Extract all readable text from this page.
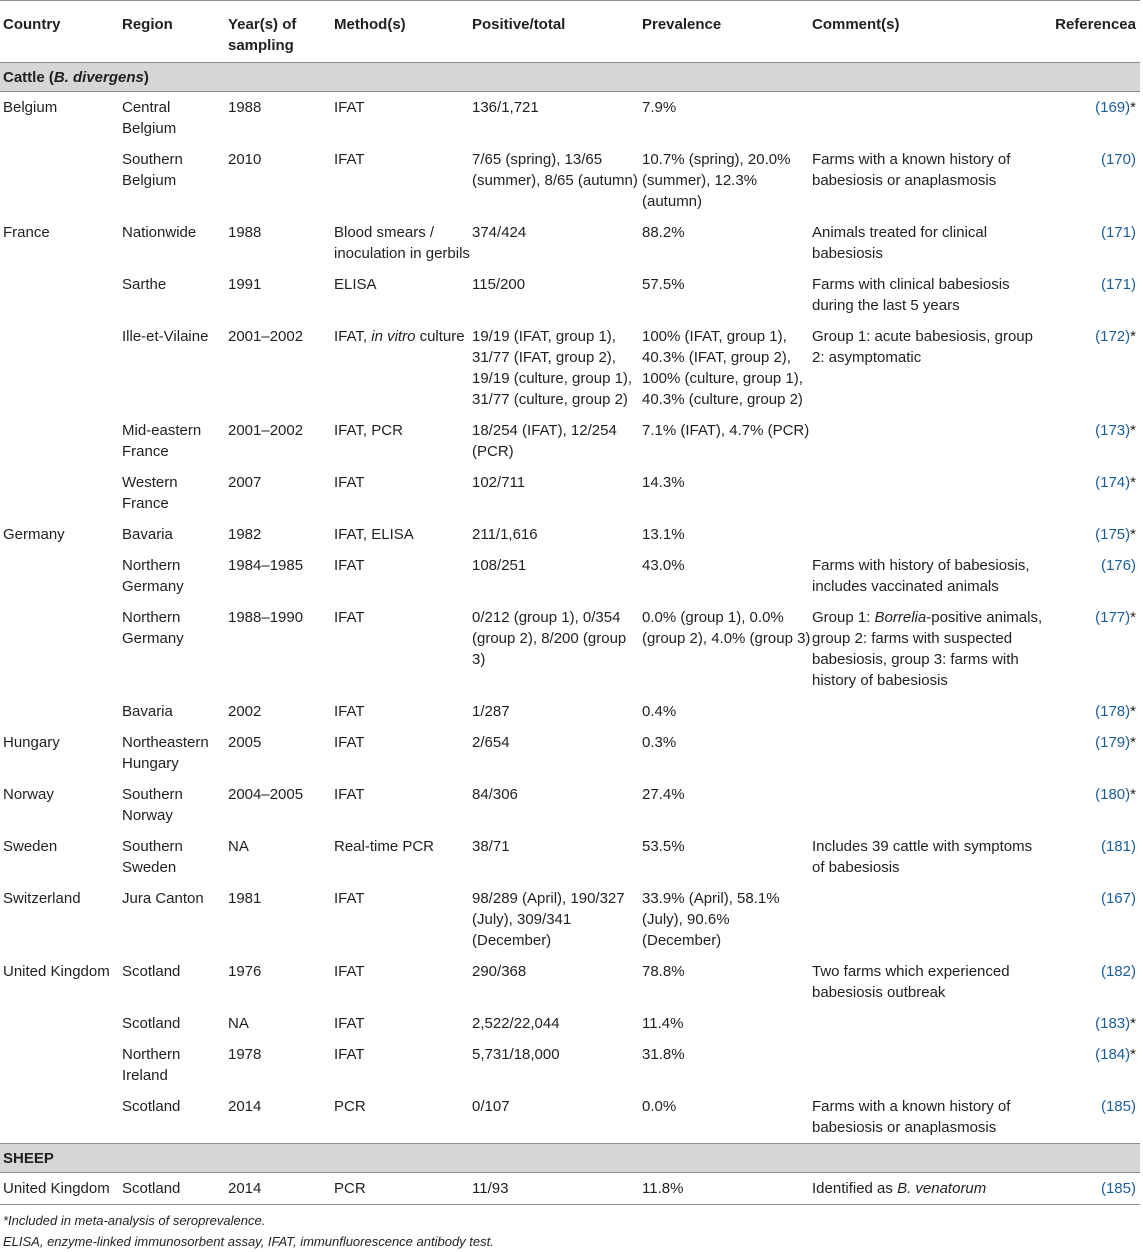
Country	Region	Year(s) of sampling	Method(s)	Positive/total	Prevalence	Comment(s)	Referencea
Cattle (B. divergens)							
Belgium	Central Belgium	1988	IFAT	136/1,721	7.9%		(169)*
	Southern Belgium	2010	IFAT	7/65 (spring), 13/65 (summer), 8/65 (autumn)	10.7% (spring), 20.0% (summer), 12.3% (autumn)	Farms with a known history of babesiosis or anaplasmosis	(170)
France	Nationwide	1988	Blood smears / inoculation in gerbils	374/424	88.2%	Animals treated for clinical babesiosis	(171)
	Sarthe	1991	ELISA	115/200	57.5%	Farms with clinical babesiosis during the last 5 years	(171)
	Ille-et-Vilaine	2001–2002	IFAT, in vitro culture	19/19 (IFAT, group 1), 31/77 (IFAT, group 2), 19/19 (culture, group 1), 31/77 (culture, group 2)	100% (IFAT, group 1), 40.3% (IFAT, group 2), 100% (culture, group 1), 40.3% (culture, group 2)	Group 1: acute babesiosis, group 2: asymptomatic	(172)*
	Mid-eastern France	2001–2002	IFAT, PCR	18/254 (IFAT), 12/254 (PCR)	7.1% (IFAT), 4.7% (PCR)		(173)*
	Western France	2007	IFAT	102/711	14.3%		(174)*
Germany	Bavaria	1982	IFAT, ELISA	211/1,616	13.1%		(175)*
	Northern Germany	1984–1985	IFAT	108/251	43.0%	Farms with history of babesiosis, includes vaccinated animals	(176)
	Northern Germany	1988–1990	IFAT	0/212 (group 1), 0/354 (group 2), 8/200 (group 3)	0.0% (group 1), 0.0% (group 2), 4.0% (group 3)	Group 1: Borrelia-positive animals, group 2: farms with suspected babesiosis, group 3: farms with history of babesiosis	(177)*
	Bavaria	2002	IFAT	1/287	0.4%		(178)*
Hungary	Northeastern Hungary	2005	IFAT	2/654	0.3%		(179)*
Norway	Southern Norway	2004–2005	IFAT	84/306	27.4%		(180)*
Sweden	Southern Sweden	NA	Real-time PCR	38/71	53.5%	Includes 39 cattle with symptoms of babesiosis	(181)
Switzerland	Jura Canton	1981	IFAT	98/289 (April), 190/327 (July), 309/341 (December)	33.9% (April), 58.1% (July), 90.6% (December)		(167)
United Kingdom	Scotland	1976	IFAT	290/368	78.8%	Two farms which experienced babesiosis outbreak	(182)
	Scotland	NA	IFAT	2,522/22,044	11.4%		(183)*
	Northern Ireland	1978	IFAT	5,731/18,000	31.8%		(184)*
	Scotland	2014	PCR	0/107	0.0%	Farms with a known history of babesiosis or anaplasmosis	(185)
SHEEP							
United Kingdom	Scotland	2014	PCR	11/93	11.8%	Identified as B. venatorum	(185)
*Included in meta-analysis of seroprevalence.
ELISA, enzyme-linked immunosorbent assay, IFAT, immunfluorescence antibody test.
